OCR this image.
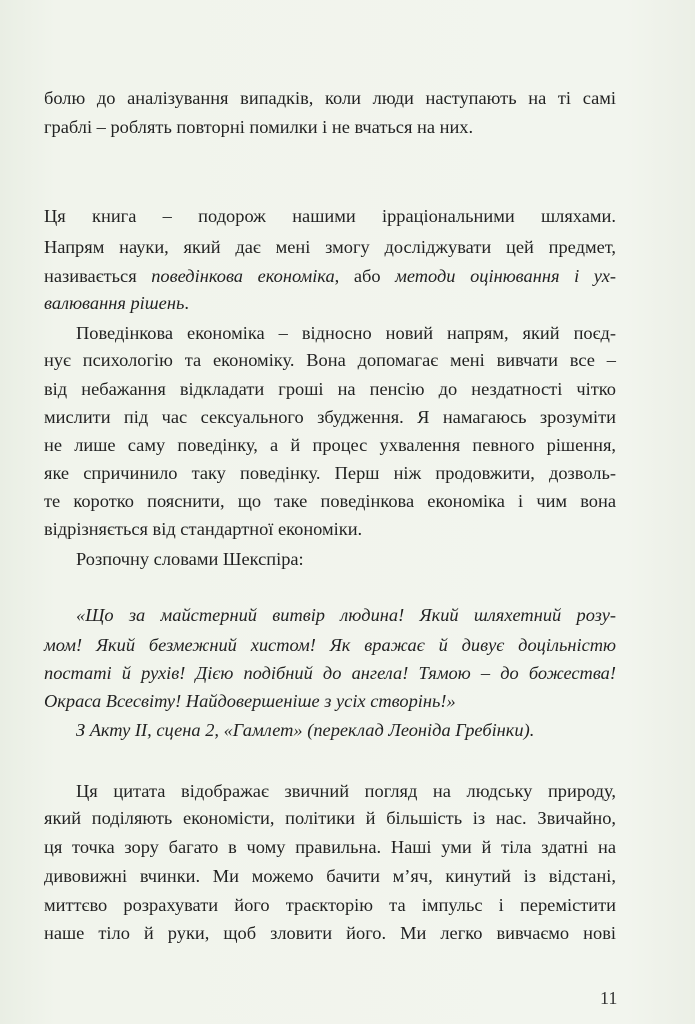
болю до аналізування випадків, коли люди наступають на ті самі
граблі – роблять повторні помилки і не вчаться на них.
Ця книга – подорож нашими ірраціональними шляхами.
Напрям науки, який дає мені змогу досліджувати цей предмет,
називається поведінкова економіка, або методи оцінювання і ух-
валювання рішень.
Поведінкова економіка – відносно новий напрям, який поєд-
нує психологію та економіку. Вона допомагає мені вивчати все –
від небажання відкладати гроші на пенсію до нездатності чітко
мислити під час сексуального збудження. Я намагаюсь зрозуміти
не лише саму поведінку, а й процес ухвалення певного рішення,
яке спричинило таку поведінку. Перш ніж продовжити, дозволь-
те коротко пояснити, що таке поведінкова економіка і чим вона
відрізняється від стандартної економіки.
Розпочну словами Шекспіра:
«Що за майстерний витвір людина! Який шляхетний розу-
мом! Який безмежний хистом! Як вражає й дивує доцільністю
постаті й рухів! Дією подібний до ангела! Тямою – до божества!
Окраса Всесвіту! Найдовершеніше з усіх створінь!»
З Акту ІІ, сцена 2, «Гамлет» (переклад Леоніда Гребінки).
Ця цитата відображає звичний погляд на людську природу,
який поділяють економісти, політики й більшість із нас. Звичайно,
ця точка зору багато в чому правильна. Наші уми й тіла здатні на
дивовижні вчинки. Ми можемо бачити м’яч, кинутий із відстані,
миттєво розрахувати його траєкторію та імпульс і перемістити
наше тіло й руки, щоб зловити його. Ми легко вивчаємо нові
11
